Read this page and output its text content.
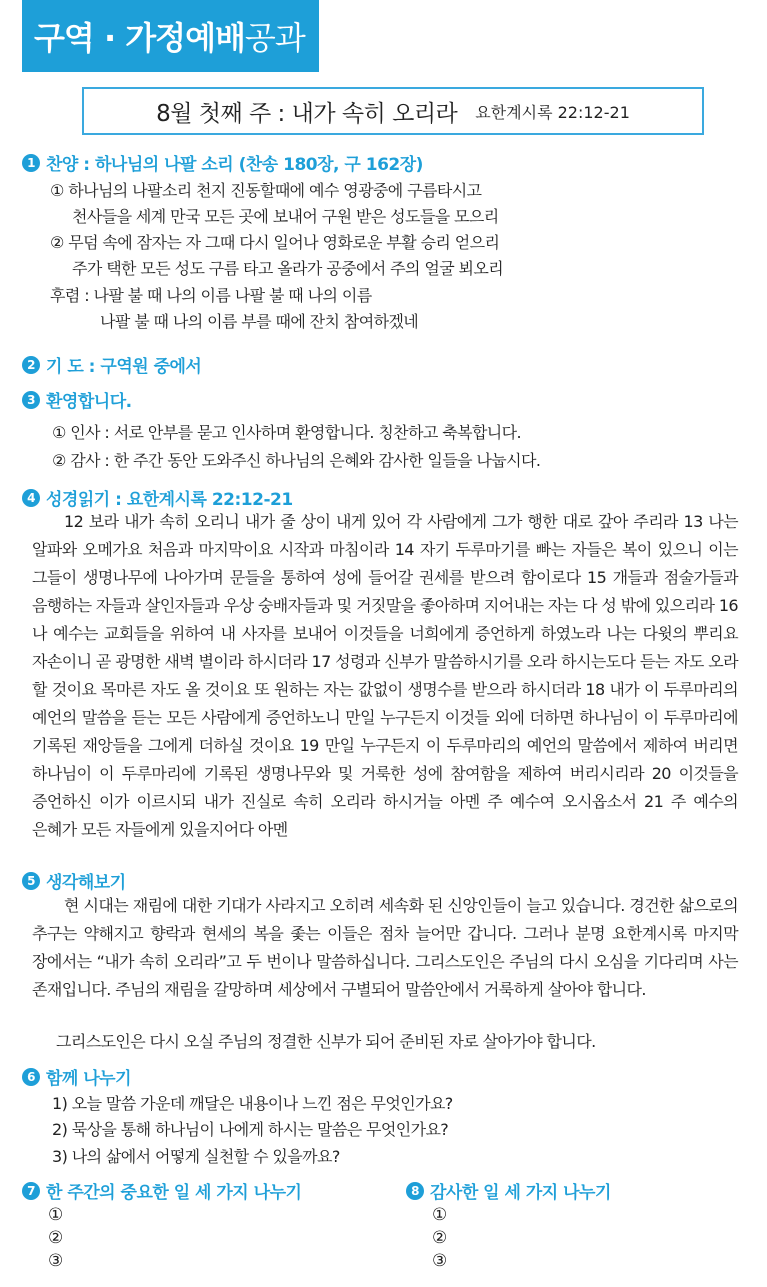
구역 · 가정예배공과
8월 첫째 주 : 내가 속히 오리라 요한계시록 22:12-21
1 찬양 : 하나님의 나팔 소리 (찬송 180장, 구 162장)
① 하나님의 나팔소리 천지 진동할때에 예수 영광중에 구름타시고
천사들을 세계 만국 모든 곳에 보내어 구원 받은 성도들을 모으리
② 무덤 속에 잠자는 자 그때 다시 일어나 영화로운 부활 승리 얻으리
주가 택한 모든 성도 구름 타고 올라가 공중에서 주의 얼굴 뵈오리
후렴 : 나팔 불 때 나의 이름 나팔 불 때 나의 이름
나팔 불 때 나의 이름 부를 때에 잔치 참여하겠네
2 기 도 : 구역원 중에서
3 환영합니다.
① 인사 : 서로 안부를 묻고 인사하며 환영합니다. 칭찬하고 축복합니다.
② 감사 : 한 주간 동안 도와주신 하나님의 은혜와 감사한 일들을 나눕시다.
4 성경읽기 : 요한계시록 22:12-21
12 보라 내가 속히 오리니 내가 줄 상이 내게 있어 각 사람에게 그가 행한 대로 갚아 주리라 13 나는 알파와 오메가요 처음과 마지막이요 시작과 마침이라 14 자기 두루마기를 빠는 자들은 복이 있으니 이는 그들이 생명나무에 나아가며 문들을 통하여 성에 들어갈 권세를 받으려 함이로다 15 개들과 점술가들과 음행하는 자들과 살인자들과 우상 숭배자들과 및 거짓말을 좋아하며 지어내는 자는 다 성 밖에 있으리라 16 나 예수는 교회들을 위하여 내 사자를 보내어 이것들을 너희에게 증언하게 하였노라 나는 다윗의 뿌리요 자손이니 곧 광명한 새벽 별이라 하시더라 17 성령과 신부가 말씀하시기를 오라 하시는도다 듣는 자도 오라 할 것이요 목마른 자도 올 것이요 또 원하는 자는 값없이 생명수를 받으라 하시더라 18 내가 이 두루마리의 예언의 말씀을 듣는 모든 사람에게 증언하노니 만일 누구든지 이것들 외에 더하면 하나님이 이 두루마리에 기록된 재앙들을 그에게 더하실 것이요 19 만일 누구든지 이 두루마리의 예언의 말씀에서 제하여 버리면 하나님이 이 두루마리에 기록된 생명나무와 및 거룩한 성에 참여함을 제하여 버리시리라 20 이것들을 증언하신 이가 이르시되 내가 진실로 속히 오리라 하시거늘 아멘 주 예수여 오시옵소서 21 주 예수의 은혜가 모든 자들에게 있을지어다 아멘
5 생각해보기
현 시대는 재림에 대한 기대가 사라지고 오히려 세속화 된 신앙인들이 늘고 있습니다. 경건한 삶으로의 추구는 약해지고 향락과 현세의 복을 좇는 이들은 점차 늘어만 갑니다. 그러나 분명 요한계시록 마지막 장에서는 “내가 속히 오리라”고 두 번이나 말씀하십니다. 그리스도인은 주님의 다시 오심을 기다리며 사는 존재입니다. 주님의 재림을 갈망하며 세상에서 구별되어 말씀안에서 거룩하게 살아야 합니다.
그리스도인은 다시 오실 주님의 정결한 신부가 되어 준비된 자로 살아가야 합니다.
6 함께 나누기
1) 오늘 말씀 가운데 깨달은 내용이나 느낀 점은 무엇인가요?
2) 묵상을 통해 하나님이 나에게 하시는 말씀은 무엇인가요?
3) 나의 삶에서 어떻게 실천할 수 있을까요?
7 한 주간의 중요한 일 세 가지 나누기	8 감사한 일 세 가지 나누기
①
②
③
①
②
③
